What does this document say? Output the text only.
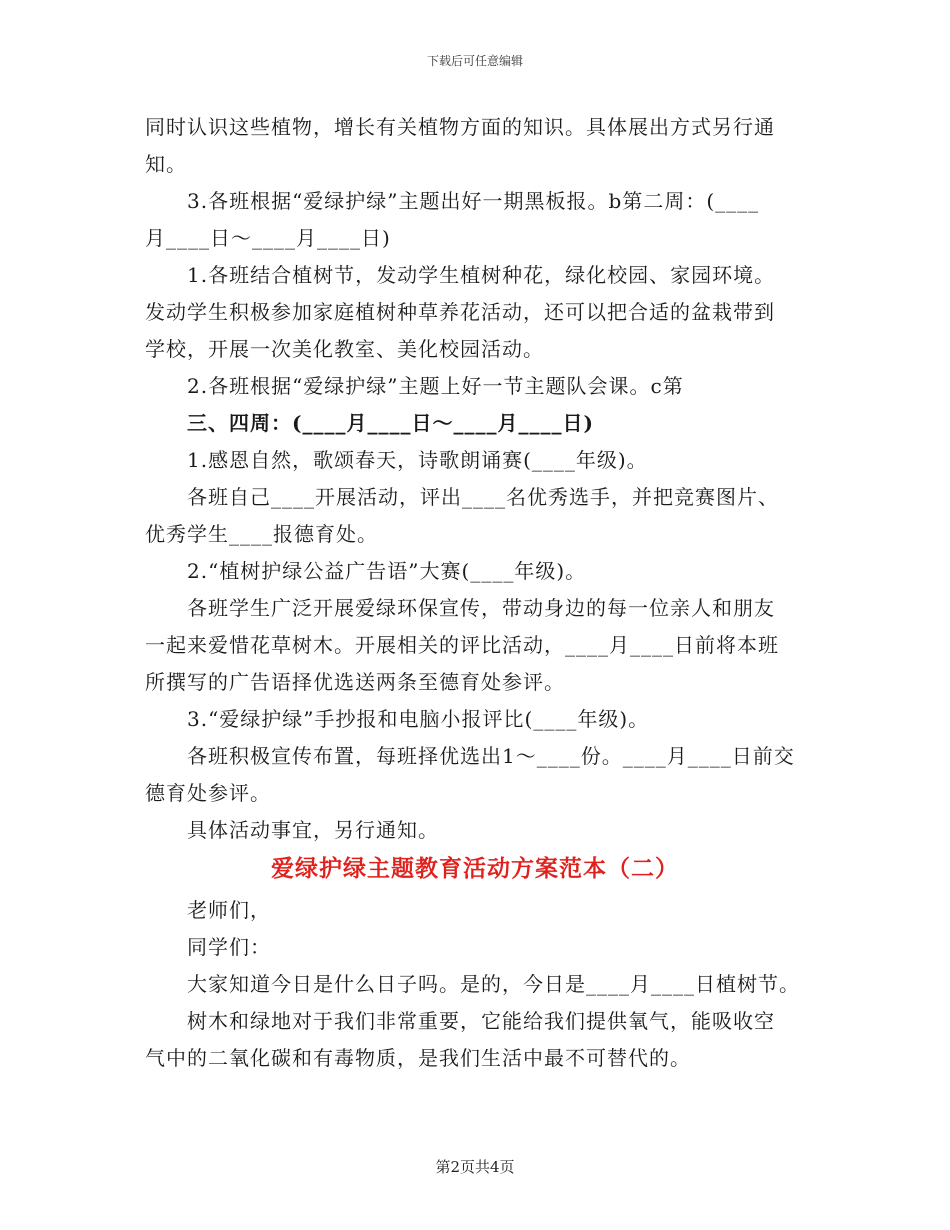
下载后可任意编辑
同时认识这些植物，增长有关植物方面的知识。具体展出方式另行通
知。
3.各班根据“爱绿护绿”主题出好一期黑板报。b第二周：(____
月____日～____月____日)
1.各班结合植树节，发动学生植树种花，绿化校园、家园环境。
发动学生积极参加家庭植树种草养花活动，还可以把合适的盆栽带到
学校，开展一次美化教室、美化校园活动。
2.各班根据“爱绿护绿”主题上好一节主题队会课。c第
三、四周：(____月____日～____月____日)
1.感恩自然，歌颂春天，诗歌朗诵赛(____年级)。
各班自己____开展活动，评出____名优秀选手，并把竞赛图片、
优秀学生____报德育处。
2.“植树护绿公益广告语”大赛(____年级)。
各班学生广泛开展爱绿环保宣传，带动身边的每一位亲人和朋友
一起来爱惜花草树木。开展相关的评比活动，____月____日前将本班
所撰写的广告语择优选送两条至德育处参评。
3.“爱绿护绿”手抄报和电脑小报评比(____年级)。
各班积极宣传布置，每班择优选出1～____份。____月____日前交
德育处参评。
具体活动事宜，另行通知。
爱绿护绿主题教育活动方案范本（二）
老师们，
同学们：
大家知道今日是什么日子吗。是的，今日是____月____日植树节。
树木和绿地对于我们非常重要，它能给我们提供氧气，能吸收空
气中的二氧化碳和有毒物质，是我们生活中最不可替代的。
第2页共4页
